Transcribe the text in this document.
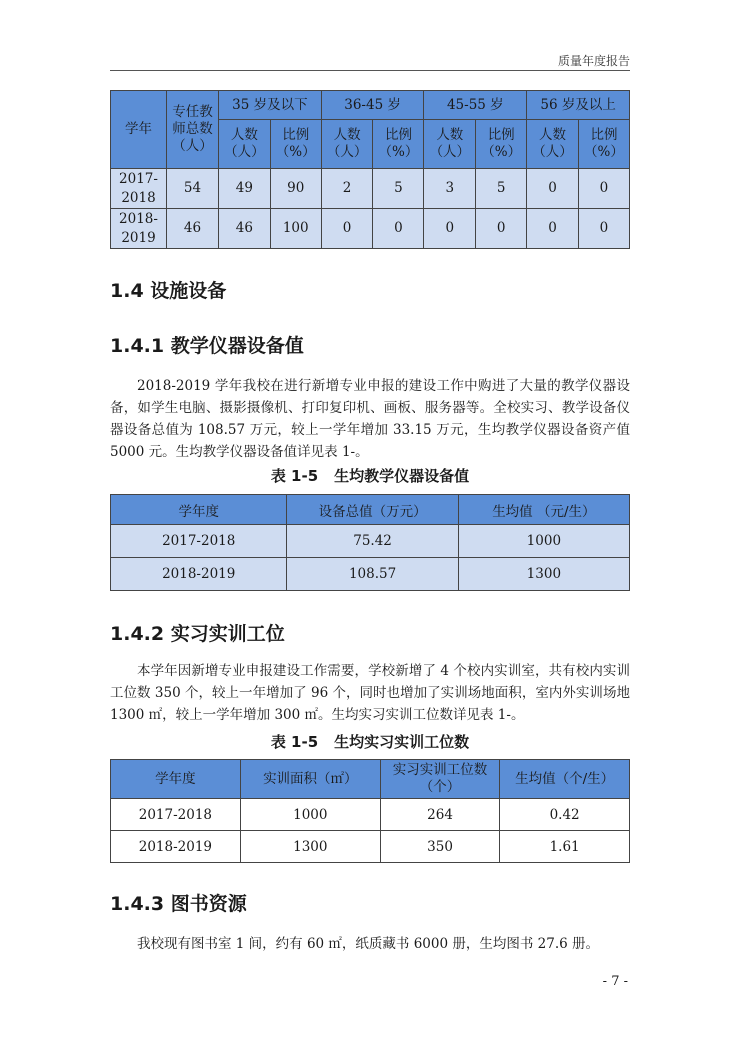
质量年度报告
学年	专任教师总数（人）	35 岁及以下		36-45 岁		45-55 岁		56 岁及以上	
		人数（人）	比例（%）	人数（人）	比例（%）	人数（人）	比例（%）	人数（人）	比例（%）
2017-2018	54	49	90	2	5	3	5	0	0
2018-2019	46	46	100	0	0	0	0	0	0
1.4 设施设备
1.4.1 教学仪器设备值

2018-2019 学年我校在进行新增专业申报的建设工作中购进了大量的教学仪器设备，如学生电脑、摄影摄像机、打印复印机、画板、服务器等。全校实习、教学设备仪器设备总值为 108.57 万元，较上一学年增加 33.15 万元，生均教学仪器设备资产值 5000 元。生均教学仪器设备值详见表 1-。

表 1-5 生均教学仪器设备值

学年度	设备总值（万元）	生均值 （元/生）
2017-2018	75.42	1000
2018-2019	108.57	1300
1.4.2 实习实训工位

本学年因新增专业申报建设工作需要，学校新增了 4 个校内实训室，共有校内实训工位数 350 个，较上一年增加了 96 个，同时也增加了实训场地面积，室内外实训场地 1300 ㎡，较上一学年增加 300 ㎡。生均实习实训工位数详见表 1-。

表 1-5 生均实习实训工位数

学年度	实训面积（㎡）	实习实训工位数（个）	生均值（个/生）
2017-2018	1000	264	0.42
2018-2019	1300	350	1.61
1.4.3 图书资源

我校现有图书室 1 间，约有 60 ㎡，纸质藏书 6000 册，生均图书 27.6 册。

- 7 -
